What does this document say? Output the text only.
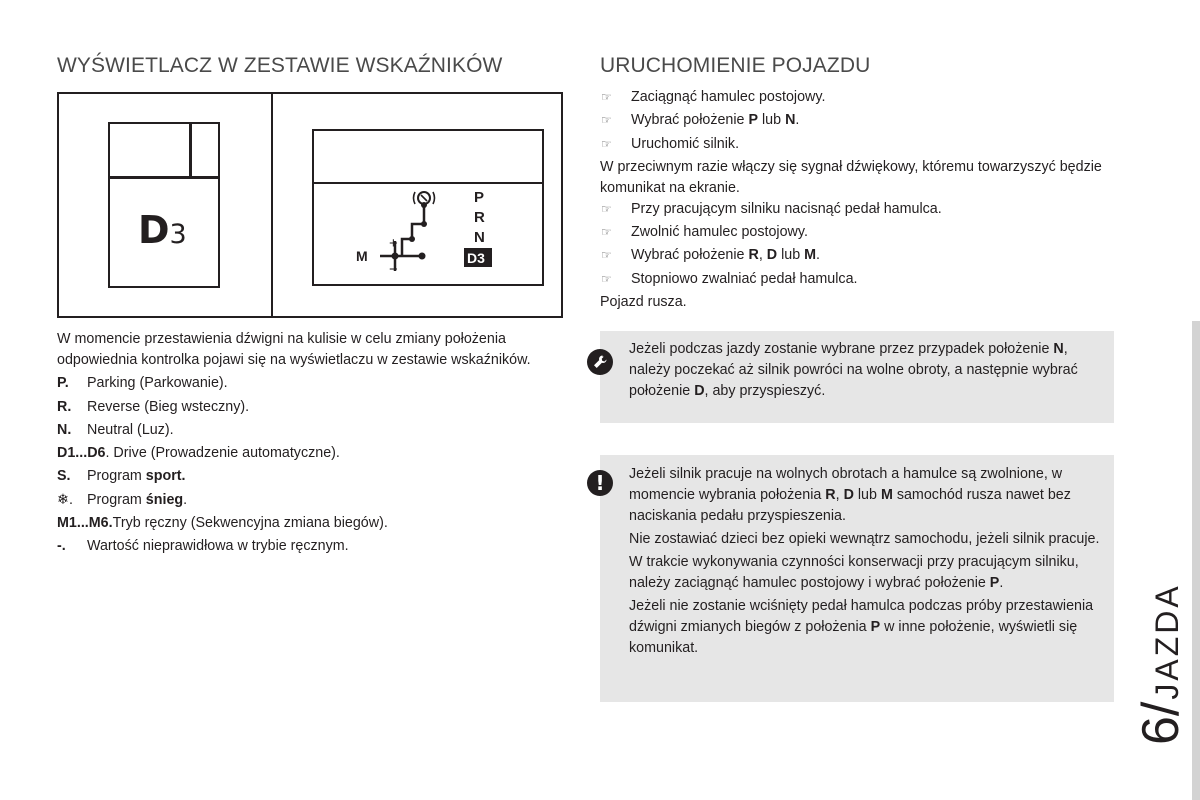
WYŚWIETLACZ W ZESTAWIE WSKAŹNIKÓW
D3
P
R
N
D3
M
+
−

W momencie przestawienia dźwigni na kulisie w celu zmiany położenia odpowiednia kontrolka pojawi się na wyświetlaczu w zestawie wskaźników.

P.	Parking (Parkowanie).
R.	Reverse (Bieg wsteczny).
N.	Neutral (Luz).
D1...D6 . Drive (Prowadzenie automatyczne).
S.	Program sport.
❄. Program śnieg.
M1...M6. Tryb ręczny (Sekwencyjna zmiana biegów).
-.	Wartość nieprawidłowa w trybie ręcznym.
URUCHOMIENIE POJAZDU
☞	Zaciągnąć hamulec postojowy.
☞	Wybrać położenie P lub N.
☞	Uruchomić silnik.

W przeciwnym razie włączy się sygnał dźwiękowy, któremu towarzyszyć będzie komunikat na ekranie.

☞	Przy pracującym silniku nacisnąć pedał hamulca.
☞	Zwolnić hamulec postojowy.
☞	Wybrać położenie R, D lub M.
☞	Stopniowo zwalniać pedał hamulca.

Pojazd rusza.

Jeżeli podczas jazdy zostanie wybrane przez przypadek położenie N, należy poczekać aż silnik powróci na wolne obroty, a następnie wybrać położenie D, aby przyspieszyć.

!	Jeżeli silnik pracuje na wolnych obrotach a hamulce są zwolnione, w momencie wybrania położenia R, D lub M samochód rusza nawet bez naciskania pedału przyspieszenia.

Nie zostawiać dzieci bez opieki wewnątrz samochodu, jeżeli silnik pracuje.

W trakcie wykonywania czynności konserwacji przy pracującym silniku, należy zaciągnąć hamulec postojowy i wybrać położenie P.

Jeżeli nie zostanie wciśnięty pedał hamulca podczas próby przestawienia dźwigni zmianych biegów z położenia P w inne położenie, wyświetli się komunikat.

6/JAZDA
